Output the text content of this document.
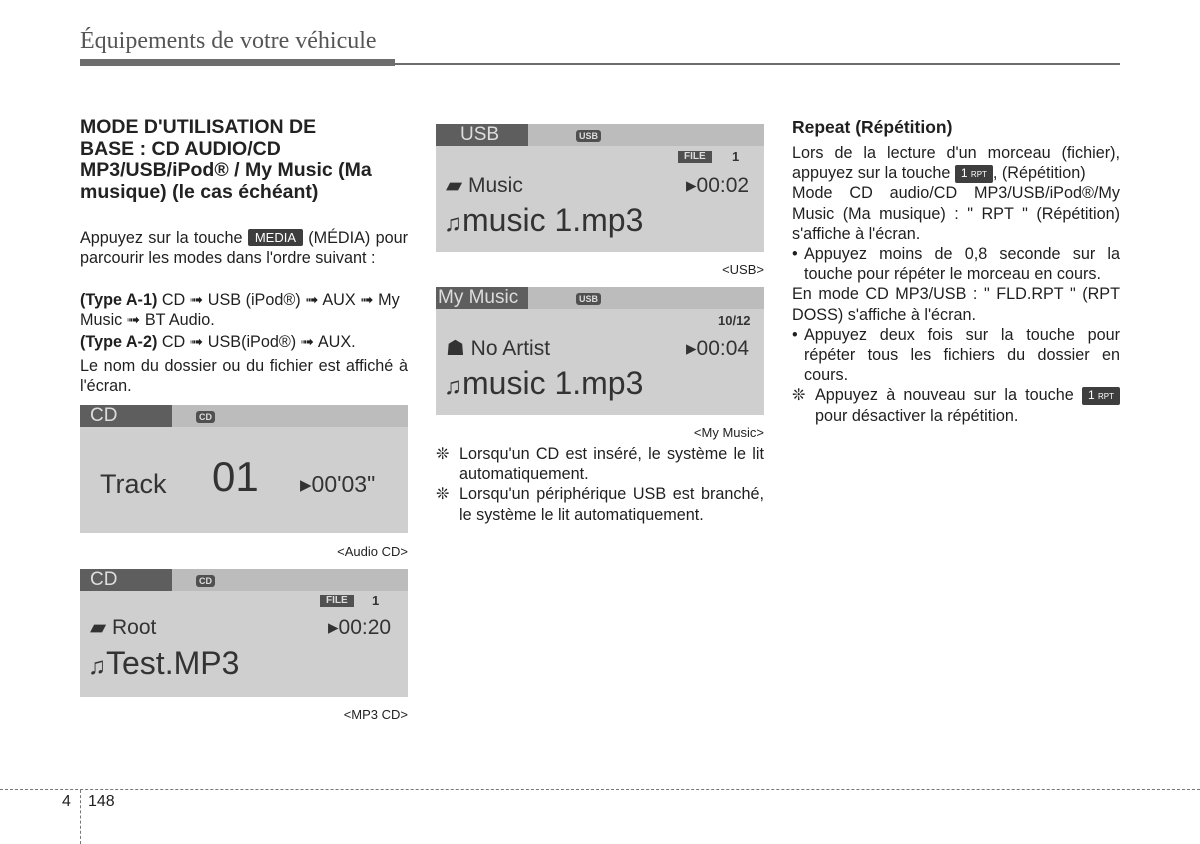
Équipements de votre véhicule
MODE D'UTILISATION DE
BASE : CD AUDIO/CD
MP3/USB/iPod® / My Music (Ma
musique) (le cas échéant)
Appuyez sur la touche MEDIA (MÉDIA) pour parcourir les modes dans l'ordre suivant :
(Type A-1) CD ➟ USB (iPod®) ➟ AUX ➟ My Music ➟ BT Audio.
(Type A-2) CD ➟ USB(iPod®) ➟ AUX.
Le nom du dossier ou du fichier est affiché à l'écran.
CD	CD
Track 01 ▸00'03"
<Audio CD>
CD	CD
FILE	1
▰ Root	▸00:20
♫Test.MP3
<MP3 CD>
USB	USB
FILE	1
▰ Music	▸00:02
♫music 1.mp3
<USB>
My Music	USB
10/12
☗ No Artist	▸00:04
♫music 1.mp3
<My Music>
❊ Lorsqu'un CD est inséré, le système le lit automatiquement.
❊ Lorsqu'un périphérique USB est branché, le système le lit automatiquement.
Repeat (Répétition)
Lors de la lecture d'un morceau (fichier), appuyez sur la touche 1 RPT , (Répétition)
Mode CD audio/CD MP3/USB/iPod®/My Music (Ma musique) : " RPT " (Répétition) s'affiche à l'écran.
• Appuyez moins de 0,8 seconde sur la touche pour répéter le morceau en cours.
En mode CD MP3/USB : " FLD.RPT " (RPT DOSS) s'affiche à l'écran.
• Appuyez deux fois sur la touche pour répéter tous les fichiers du dossier en cours.
❊ Appuyez à nouveau sur la touche 1 RPT pour désactiver la répétition.
4 148
